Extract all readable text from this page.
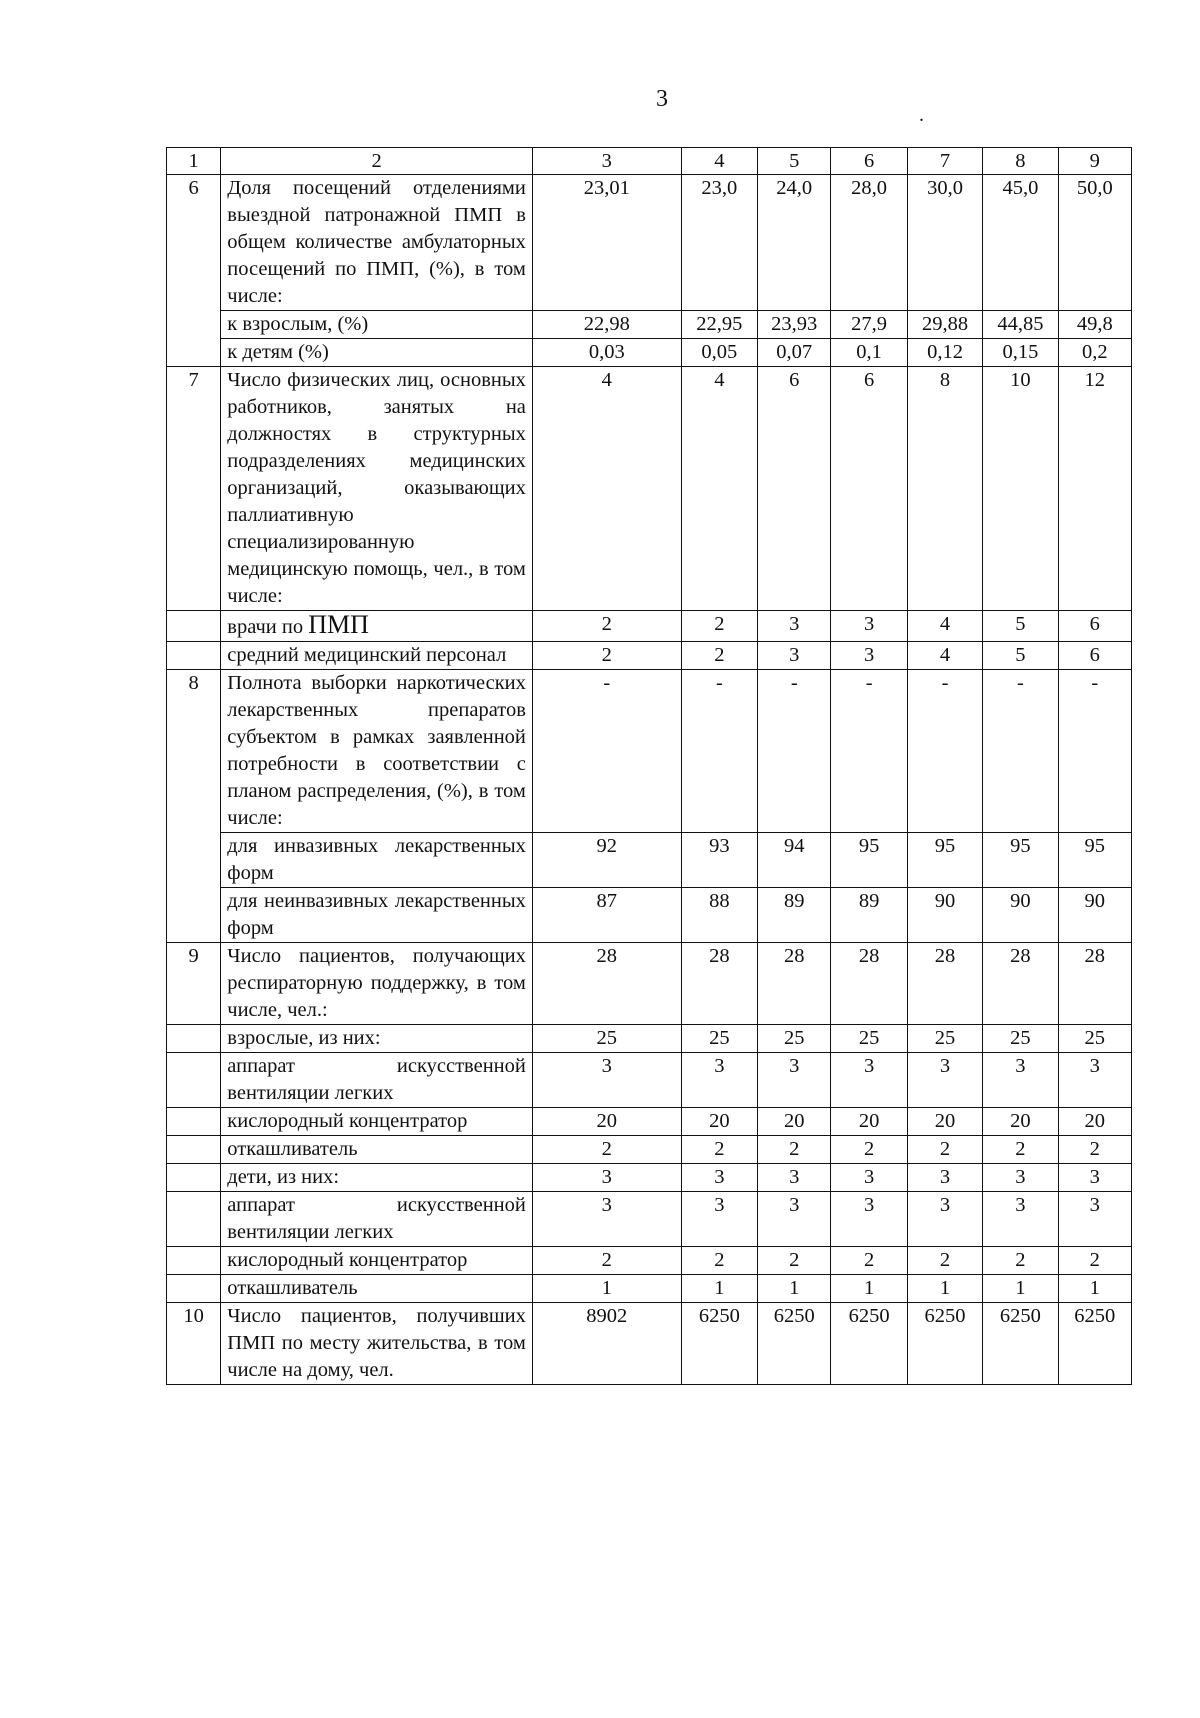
3
.
1	2	3	4	5	6	7	8	9
6	Доля посещений отделениями выездной патронажной ПМП в общем количестве амбулаторных посещений по ПМП, (%), в том числе:	23,01	23,0	24,0	28,0	30,0	45,0	50,0
	к взрослым, (%)	22,98	22,95	23,93	27,9	29,88	44,85	49,8
	к детям (%)	0,03	0,05	0,07	0,1	0,12	0,15	0,2
7	Число физических лиц, основных работников, занятых на должностях в структурных подразделениях медицинских организаций, оказывающих паллиативную специализированную медицинскую помощь, чел., в том числе:	4	4	6	6	8	10	12
	врачи по ПМП	2	2	3	3	4	5	6
	средний медицинский персонал	2	2	3	3	4	5	6
8	Полнота выборки наркотических лекарственных препаратов субъектом в рамках заявленной потребности в соответствии с планом распределения, (%), в том числе:	-	-	-	-	-	-	-
	для инвазивных лекарственных форм	92	93	94	95	95	95	95
	для неинвазивных лекарственных форм	87	88	89	89	90	90	90
9	Число пациентов, получающих респираторную поддержку, в том числе, чел.:	28	28	28	28	28	28	28
	взрослые, из них:	25	25	25	25	25	25	25
	аппарат искусственной вентиляции легких	3	3	3	3	3	3	3
	кислородный концентратор	20	20	20	20	20	20	20
	откашливатель	2	2	2	2	2	2	2
	дети, из них:	3	3	3	3	3	3	3
	аппарат искусственной вентиляции легких	3	3	3	3	3	3	3
	кислородный концентратор	2	2	2	2	2	2	2
	откашливатель	1	1	1	1	1	1	1
10	Число пациентов, получивших ПМП по месту жительства, в том числе на дому, чел.	8902	6250	6250	6250	6250	6250	6250
